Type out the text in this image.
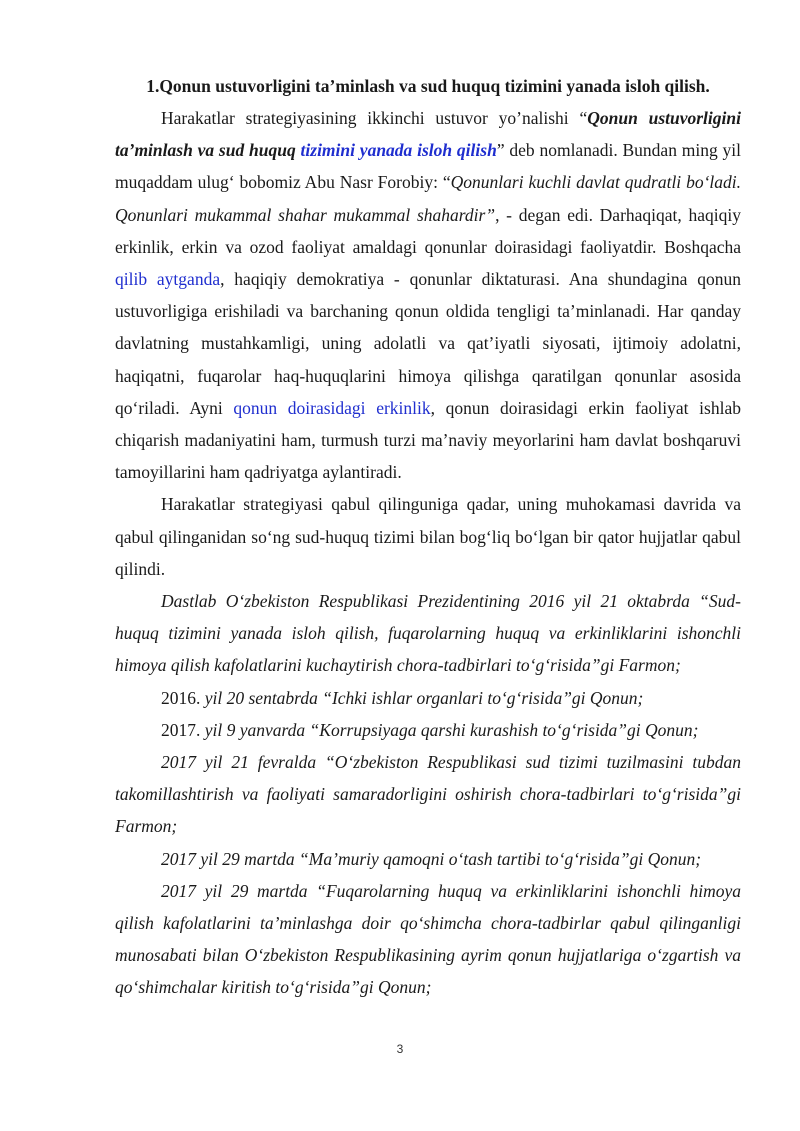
1.Qonun ustuvorligini ta’minlash va sud huquq tizimini yanada isloh qilish.

Harakatlar strategiyasining ikkinchi ustuvor yo’nalishi “Qonun ustuvorligini ta’minlash va sud huquq tizimini yanada isloh qilish” deb nomlanadi. Bundan ming yil muqaddam ulug‘ bobomiz Abu Nasr Forobiy: “Qonunlari kuchli davlat qudratli bo‘ladi. Qonunlari mukammal shahar mukammal shahardir”, - degan edi. Darhaqiqat, haqiqiy erkinlik, erkin va ozod faoliyat amaldagi qonunlar doirasidagi faoliyatdir. Boshqacha qilib aytganda, haqiqiy demokratiya - qonunlar diktaturasi. Ana shundagina qonun ustuvorligiga erishiladi va barchaning qonun oldida tengligi ta’minlanadi. Har qanday davlatning mustahkamligi, uning adolatli va qat’iyatli siyosati, ijtimoiy adolatni, haqiqatni, fuqarolar haq-huquqlarini himoya qilishga qaratilgan qonunlar asosida qo‘riladi. Ayni qonun doirasidagi erkinlik, qonun doirasidagi erkin faoliyat ishlab chiqarish madaniyatini ham, turmush turzi ma’naviy meyorlarini ham davlat boshqaruvi tamoyillarini ham qadriyatga aylantiradi.

Harakatlar strategiyasi qabul qilinguniga qadar, uning muhokamasi davrida va qabul qilinganidan so‘ng sud-huquq tizimi bilan bog‘liq bo‘lgan bir qator hujjatlar qabul qilindi.

Dastlab O‘zbekiston Respublikasi Prezidentining 2016 yil 21 oktabrda “Sud-huquq tizimini yanada isloh qilish, fuqarolarning huquq va erkinliklarini ishonchli himoya qilish kafolatlarini kuchaytirish chora-tadbirlari to‘g‘risida”gi Farmon;

2016. yil 20 sentabrda “Ichki ishlar organlari to‘g‘risida”gi Qonun;

2017. yil 9 yanvarda “Korrupsiyaga qarshi kurashish to‘g‘risida”gi Qonun;

2017 yil 21 fevralda “O‘zbekiston Respublikasi sud tizimi tuzilmasini tubdan takomillashtirish va faoliyati samaradorligini oshirish chora-tadbirlari to‘g‘risida”gi Farmon;

2017 yil 29 martda “Ma’muriy qamoqni o‘tash tartibi to‘g‘risida”gi Qonun;

2017 yil 29 martda “Fuqarolarning huquq va erkinliklarini ishonchli himoya qilish kafolatlarini ta’minlashga doir qo‘shimcha chora-tadbirlar qabul qilinganligi munosabati bilan O‘zbekiston Respublikasining ayrim qonun hujjatlariga o‘zgartish va qo‘shimchalar kiritish to‘g‘risida”gi Qonun;

3
